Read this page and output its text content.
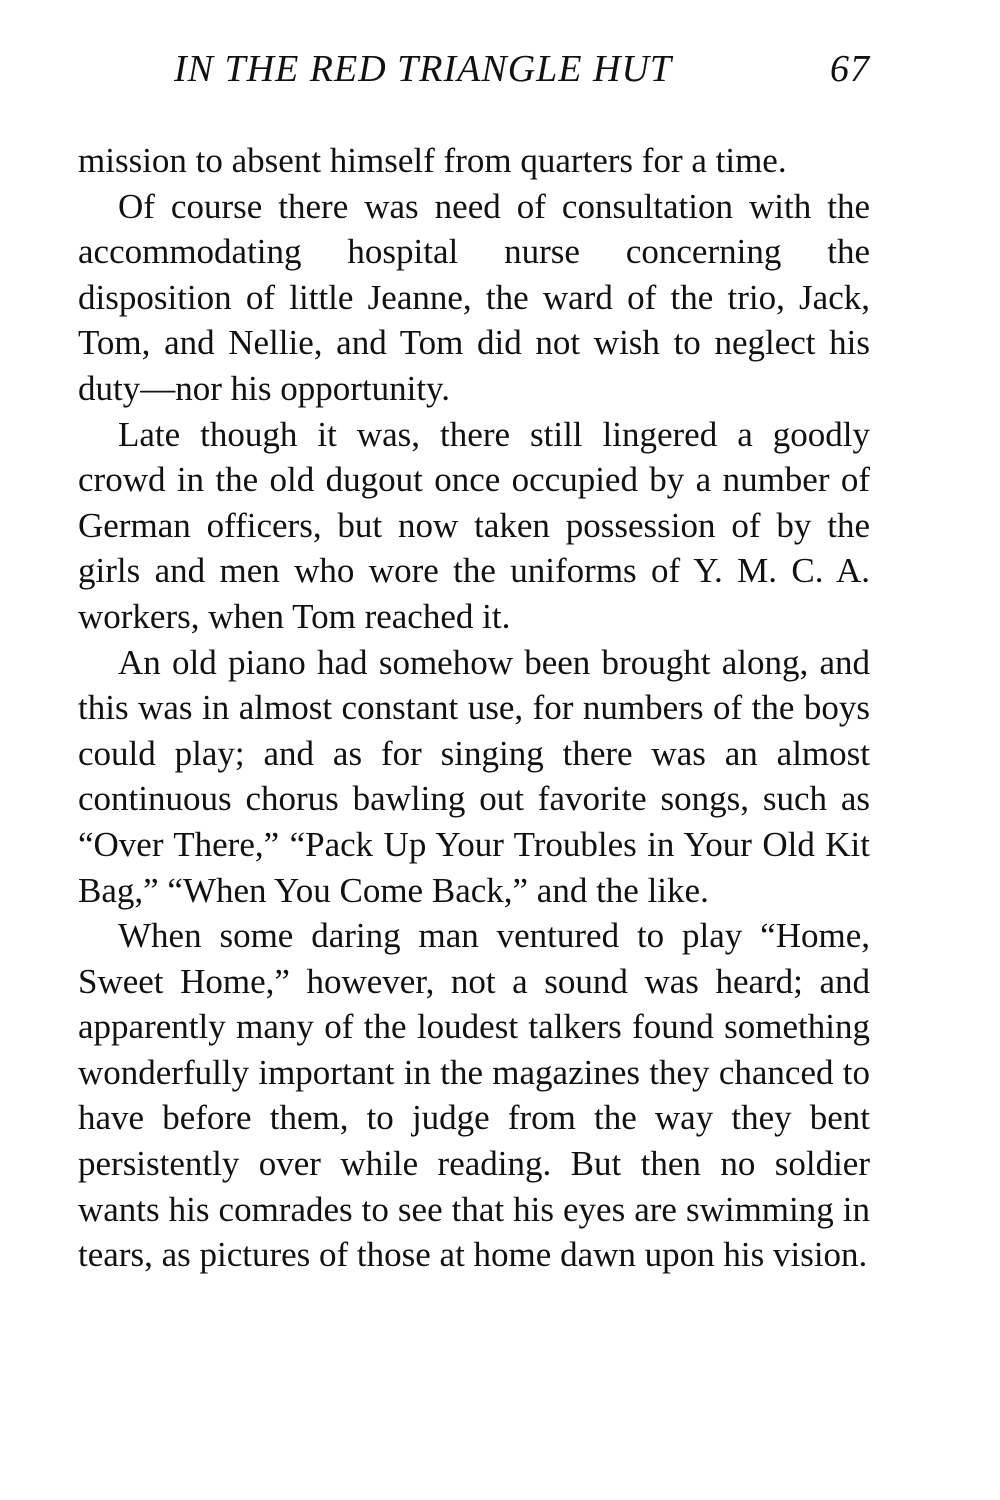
IN THE RED TRIANGLE HUT	67

mission to absent himself from quarters for a time.

Of course there was need of consultation with the accommodating hospital nurse concerning the disposition of little Jeanne, the ward of the trio, Jack, Tom, and Nellie, and Tom did not wish to neglect his duty—nor his opportunity.

Late though it was, there still lingered a goodly crowd in the old dugout once occupied by a number of German officers, but now taken possession of by the girls and men who wore the uniforms of Y. M. C. A. workers, when Tom reached it.

An old piano had somehow been brought along, and this was in almost constant use, for numbers of the boys could play; and as for singing there was an almost continuous chorus bawling out favorite songs, such as “Over There,” “Pack Up Your Troubles in Your Old Kit Bag,” “When You Come Back,” and the like.

When some daring man ventured to play “Home, Sweet Home,” however, not a sound was heard; and apparently many of the loudest talkers found something wonderfully important in the magazines they chanced to have before them, to judge from the way they bent persistently over while reading. But then no soldier wants his comrades to see that his eyes are swimming in tears, as pictures of those at home dawn upon his vision.
